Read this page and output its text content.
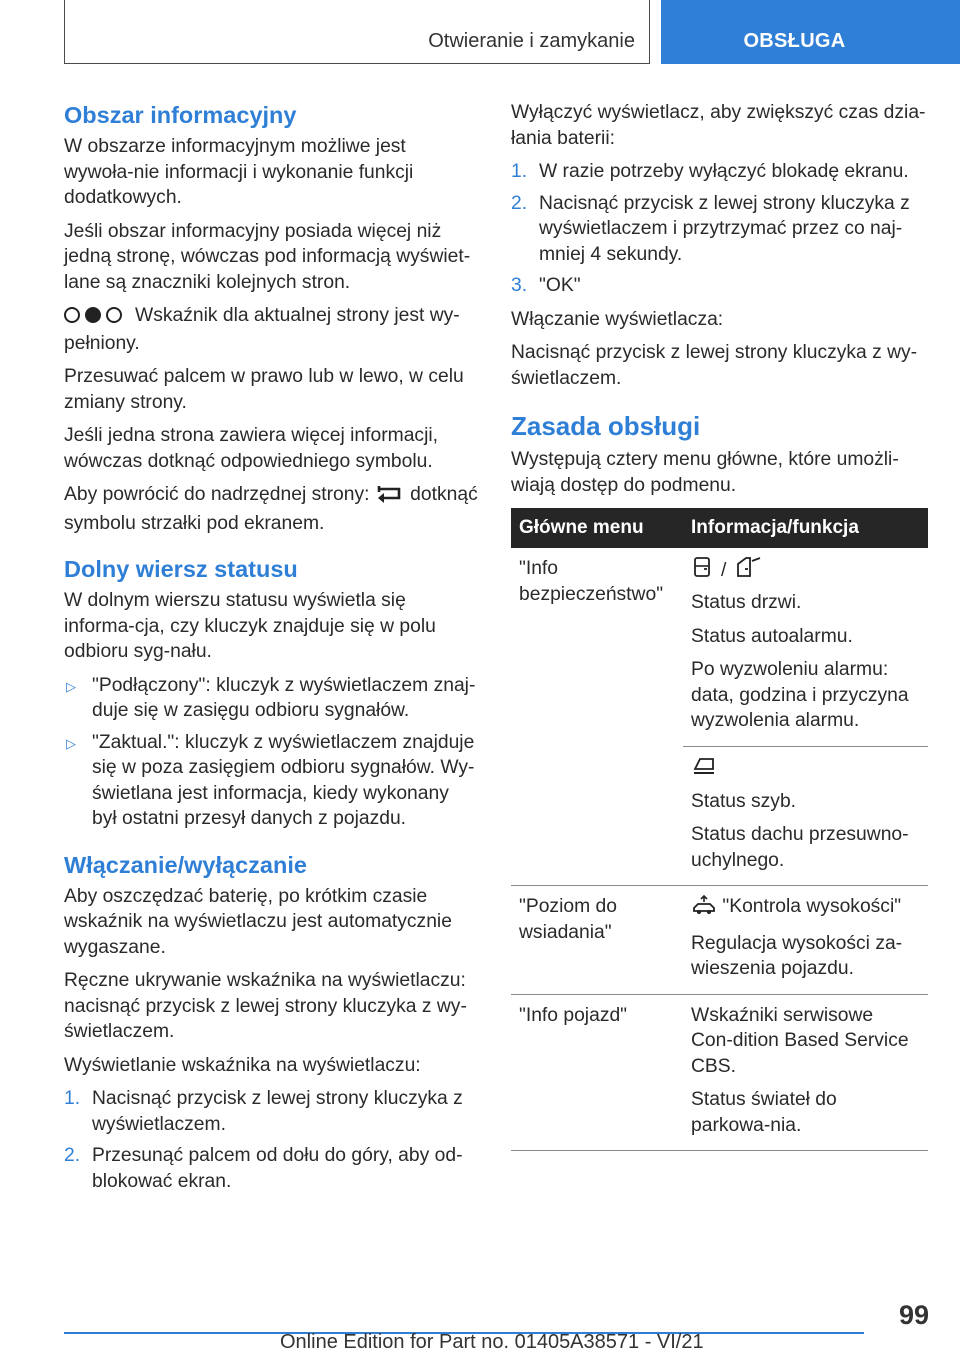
Otwieranie i zamykanie	OBSŁUGA
Obszar informacyjny

W obszarze informacyjnym możliwe jest wywoła‐nie informacji i wykonanie funkcji dodatkowych.

Jeśli obszar informacyjny posiada więcej niż jedną stronę, wówczas pod informacją wyświet‐lane są znaczniki kolejnych stron.

Wskaźnik dla aktualnej strony jest wy‐pełniony.

Przesuwać palcem w prawo lub w lewo, w celu zmiany strony.

Jeśli jedna strona zawiera więcej informacji, wówczas dotknąć odpowiedniego symbolu.

Aby powrócić do nadrzędnej strony: dotknąć symbolu strzałki pod ekranem.

Dolny wiersz statusu

W dolnym wierszu statusu wyświetla się informa‐cja, czy kluczyk znajduje się w polu odbioru syg‐nału.

▷ "Podłączony": kluczyk z wyświetlaczem znaj‐duje się w zasięgu odbioru sygnałów.
▷ "Zaktual.": kluczyk z wyświetlaczem znajduje się w poza zasięgiem odbioru sygnałów. Wy‐świetlana jest informacja, kiedy wykonany był ostatni przesył danych z pojazdu.
Włączanie/wyłączanie

Aby oszczędzać baterię, po krótkim czasie wskaźnik na wyświetlaczu jest automatycznie wygaszane.

Ręczne ukrywanie wskaźnika na wyświetlaczu: nacisnąć przycisk z lewej strony kluczyka z wy‐świetlaczem.

Wyświetlanie wskaźnika na wyświetlaczu:

1. Nacisnąć przycisk z lewej strony kluczyka z wyświetlaczem.
2. Przesunąć palcem od dołu do góry, aby od‐blokować ekran.

Wyłączyć wyświetlacz, aby zwiększyć czas dzia‐łania baterii:

1. W razie potrzeby wyłączyć blokadę ekranu.
2. Nacisnąć przycisk z lewej strony kluczyka z wyświetlaczem i przytrzymać przez co naj‐mniej 4 sekundy.
3. "OK"

Włączanie wyświetlacza:

Nacisnąć przycisk z lewej strony kluczyka z wy‐świetlaczem.

Zasada obsługi

Występują cztery menu główne, które umożli‐wiają dostęp do podmenu.

Główne menu	Informacja/funkcja
"Info bezpieczeństwo"	/

Status drzwi.

Status autoalarmu.

Po wyzwoleniu alarmu: data, godzina i przyczyna wyzwolenia alarmu.

	Status szyb.

Status dachu przesuwno-uchylnego.

"Poziom do wsiadania"	"Kontrola wysokości"

Regulacja wysokości za‐wieszenia pojazdu.

"Info pojazd"	Wskaźniki serwisowe Con‐dition Based Service CBS.

Status świateł do parkowa‐nia.

99
Online Edition for Part no. 01405A38571 - VI/21
